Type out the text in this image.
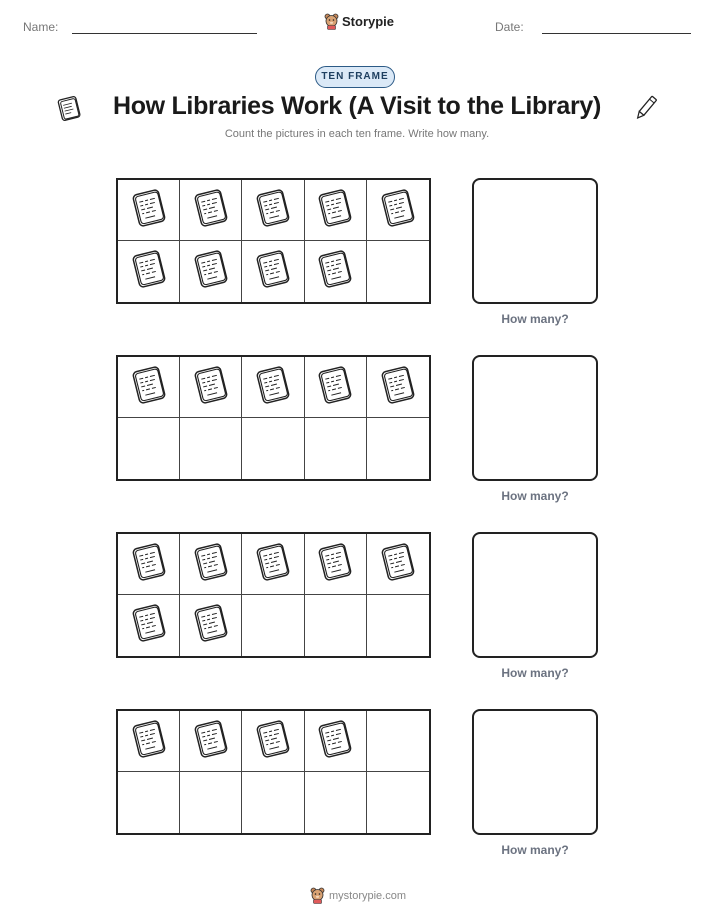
Name:	Storypie	Date:
TEN FRAME
How Libraries Work (A Visit to the Library)
Count the pictures in each ten frame. Write how many.
How many?
How many?
How many?
How many?
mystorypie.com
